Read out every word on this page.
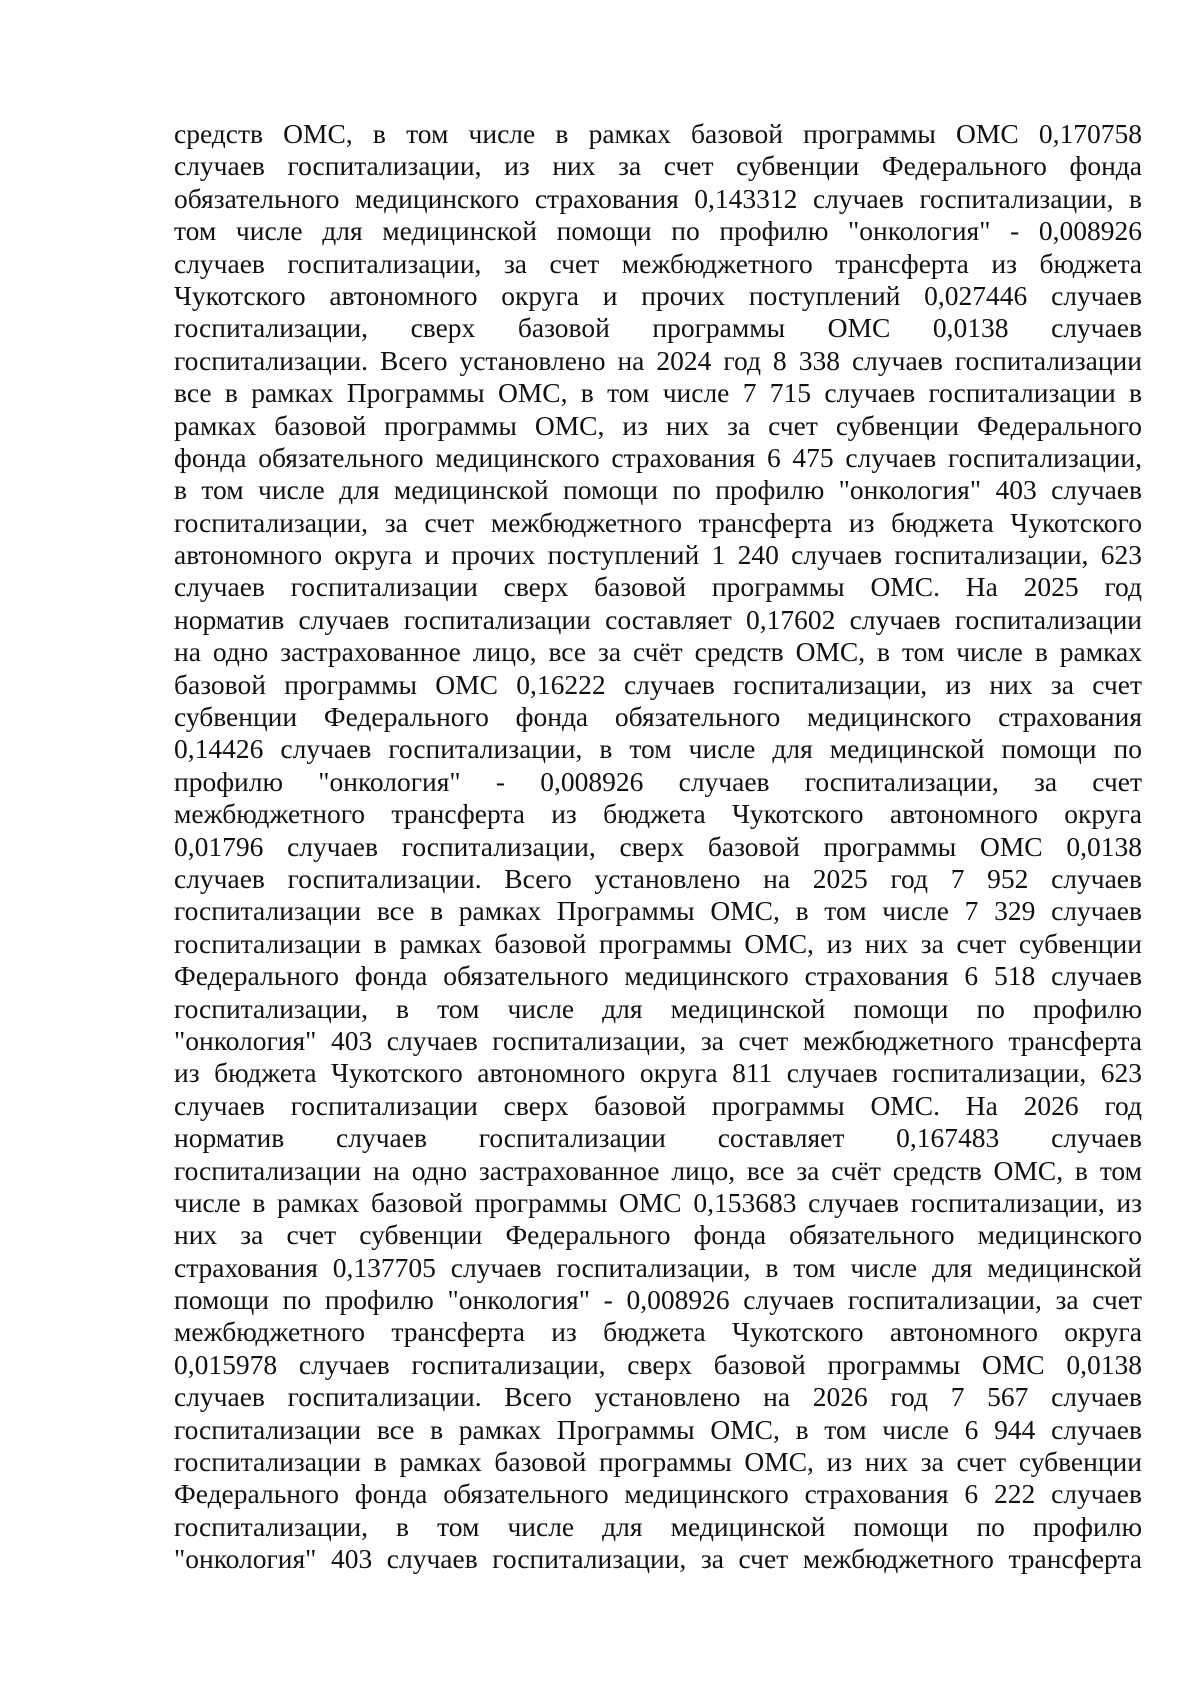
средств ОМС, в том числе в рамках базовой программы ОМС 0,170758
случаев госпитализации, из них за счет субвенции Федерального фонда
обязательного медицинского страхования 0,143312 случаев госпитализации, в
том числе для медицинской помощи по профилю "онкология" - 0,008926
случаев госпитализации, за счет межбюджетного трансферта из бюджета
Чукотского автономного округа и прочих поступлений 0,027446 случаев
госпитализации, сверх базовой программы ОМС 0,0138 случаев
госпитализации. Всего установлено на 2024 год 8 338 случаев госпитализации
все в рамках Программы ОМС, в том числе 7 715 случаев госпитализации в
рамках базовой программы ОМС, из них за счет субвенции Федерального
фонда обязательного медицинского страхования 6 475 случаев госпитализации,
в том числе для медицинской помощи по профилю "онкология" 403 случаев
госпитализации, за счет межбюджетного трансферта из бюджета Чукотского
автономного округа и прочих поступлений 1 240 случаев госпитализации, 623
случаев госпитализации сверх базовой программы ОМС. На 2025 год
норматив случаев госпитализации составляет 0,17602 случаев госпитализации
на одно застрахованное лицо, все за счёт средств ОМС, в том числе в рамках
базовой программы ОМС 0,16222 случаев госпитализации, из них за счет
субвенции Федерального фонда обязательного медицинского страхования
0,14426 случаев госпитализации, в том числе для медицинской помощи по
профилю "онкология" - 0,008926 случаев госпитализации, за счет
межбюджетного трансферта из бюджета Чукотского автономного округа
0,01796 случаев госпитализации, сверх базовой программы ОМС 0,0138
случаев госпитализации. Всего установлено на 2025 год 7 952 случаев
госпитализации все в рамках Программы ОМС, в том числе 7 329 случаев
госпитализации в рамках базовой программы ОМС, из них за счет субвенции
Федерального фонда обязательного медицинского страхования 6 518 случаев
госпитализации, в том числе для медицинской помощи по профилю
"онкология" 403 случаев госпитализации, за счет межбюджетного трансферта
из бюджета Чукотского автономного округа 811 случаев госпитализации, 623
случаев госпитализации сверх базовой программы ОМС. На 2026 год
норматив случаев госпитализации составляет 0,167483 случаев
госпитализации на одно застрахованное лицо, все за счёт средств ОМС, в том
числе в рамках базовой программы ОМС 0,153683 случаев госпитализации, из
них за счет субвенции Федерального фонда обязательного медицинского
страхования 0,137705 случаев госпитализации, в том числе для медицинской
помощи по профилю "онкология" - 0,008926 случаев госпитализации, за счет
межбюджетного трансферта из бюджета Чукотского автономного округа
0,015978 случаев госпитализации, сверх базовой программы ОМС 0,0138
случаев госпитализации. Всего установлено на 2026 год 7 567 случаев
госпитализации все в рамках Программы ОМС, в том числе 6 944 случаев
госпитализации в рамках базовой программы ОМС, из них за счет субвенции
Федерального фонда обязательного медицинского страхования 6 222 случаев
госпитализации, в том числе для медицинской помощи по профилю
"онкология" 403 случаев госпитализации, за счет межбюджетного трансферта
